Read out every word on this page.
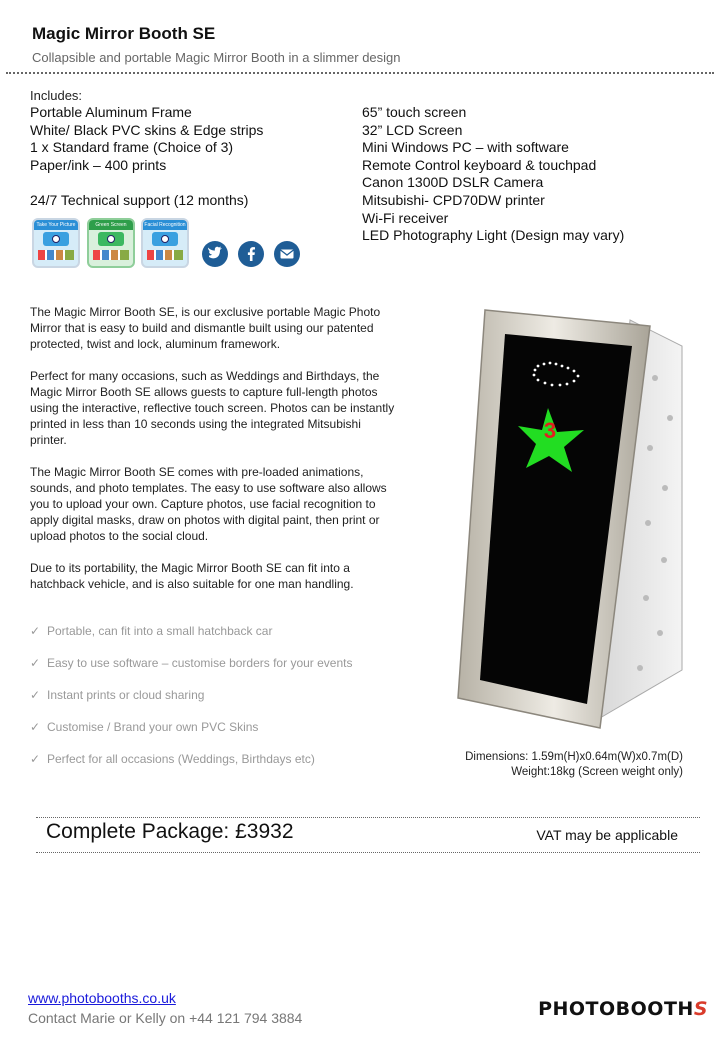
Magic Mirror Booth SE
Collapsible and portable Magic Mirror Booth in a slimmer design
Includes:
Portable Aluminum Frame
White/ Black PVC skins & Edge strips
1 x Standard frame (Choice of 3)
Paper/ink – 400 prints
24/7 Technical support (12 months)
65” touch screen
32” LCD Screen
Mini Windows PC – with software
Remote Control keyboard & touchpad
Canon 1300D DSLR Camera
Mitsubishi- CPD70DW printer
Wi-Fi receiver
LED Photography Light (Design may vary)
Take Your Picture	Green Screen	Facial Recognition

The Magic Mirror Booth SE, is our exclusive portable Magic Photo Mirror that is easy to build and dismantle built using our patented protected, twist and lock, aluminum framework.

Perfect for many occasions, such as Weddings and Birthdays, the Magic Mirror Booth SE allows guests to capture full-length photos using the interactive, reflective touch screen. Photos can be instantly printed in less than 10 seconds using the integrated Mitsubishi printer.

The Magic Mirror Booth SE comes with pre-loaded animations, sounds, and photo templates. The easy to use software also allows you to upload your own. Capture photos, use facial recognition to apply digital masks, draw on photos with digital paint, then print or upload photos to the social cloud.

Due to its portability, the Magic Mirror Booth SE can fit into a hatchback vehicle, and is also suitable for one man handling.

✓ Portable, can fit into a small hatchback car
✓ Easy to use software – customise borders for your events
✓ Instant prints or cloud sharing
✓ Customise / Brand your own PVC Skins
✓ Perfect for all occasions (Weddings, Birthdays etc)
3
Dimensions: 1.59m(H)x0.64m(W)x0.7m(D)
Weight:18kg (Screen weight only)
Complete Package: £3932	VAT may be applicable
www.photobooths.co.uk
Contact Marie or Kelly on +44 121 794 3884	PHOTOBOOTHS
